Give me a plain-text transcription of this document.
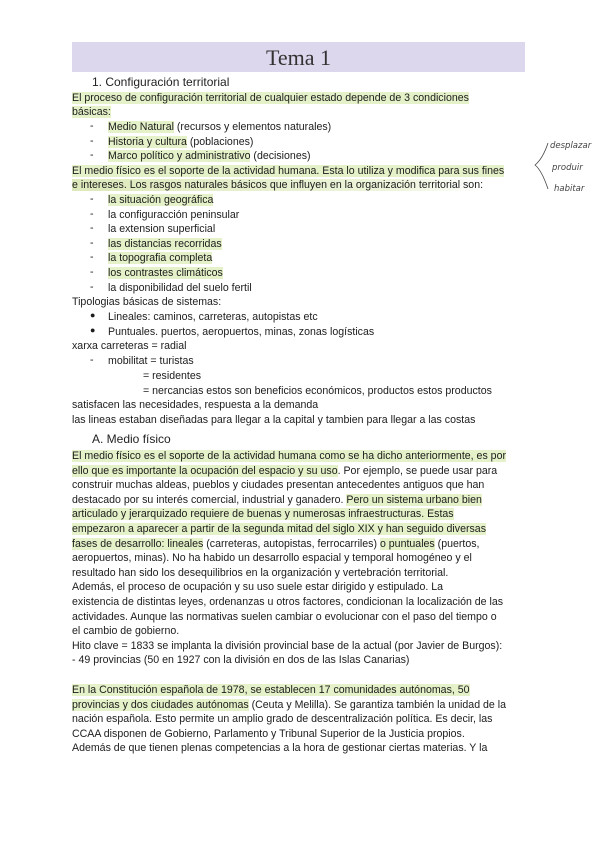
Tema 1
1. Configuración territorial
El proceso de configuración territorial de cualquier estado depende de 3 condiciones
básicas:
- Medio Natural (recursos y elementos naturales)
- Historia y cultura (poblaciones)
- Marco político y administrativo (decisiones)
El medio físico es el soporte de la actividad humana. Esta lo utiliza y modifica para sus fines
e intereses. Los rasgos naturales básicos que influyen en la organización territorial son:
- la situación geográfica
- la configuracción peninsular
- la extension superficial
- las distancias recorridas
- la topografia completa
- los contrastes climáticos
- la disponibilidad del suelo fertil
Tipologias básicas de sistemas:
● Lineales: caminos, carreteras, autopistas etc
● Puntuales. puertos, aeropuertos, minas, zonas logísticas
xarxa carreteras = radial
- mobilitat = turistas
= residentes
= nercancias estos son beneficios económicos, productos estos productos
satisfacen las necesidades, respuesta a la demanda
las lineas estaban diseñadas para llegar a la capital y tambien para llegar a las costas
A. Medio físico
El medio físico es el soporte de la actividad humana como se ha dicho anteriormente, es por
ello que es importante la ocupación del espacio y su uso. Por ejemplo, se puede usar para
construir muchas aldeas, pueblos y ciudades presentan antecedentes antiguos que han
destacado por su interés comercial, industrial y ganadero. Pero un sistema urbano bien
articulado y jerarquizado requiere de buenas y numerosas infraestructuras. Estas
empezaron a aparecer a partir de la segunda mitad del siglo XIX y han seguido diversas
fases de desarrollo: lineales (carreteras, autopistas, ferrocarriles) o puntuales (puertos,
aeropuertos, minas). No ha habido un desarrollo espacial y temporal homogéneo y el
resultado han sido los desequilibrios en la organización y vertebración territorial.
Además, el proceso de ocupación y su uso suele estar dirigido y estipulado. La
existencia de distintas leyes, ordenanzas u otros factores, condicionan la localización de las
actividades. Aunque las normativas suelen cambiar o evolucionar con el paso del tiempo o
el cambio de gobierno.
Hito clave = 1833 se implanta la división provincial base de la actual (por Javier de Burgos):
- 49 provincias (50 en 1927 con la división en dos de las Islas Canarias)
En la Constitución española de 1978, se establecen 17 comunidades autónomas, 50
provincias y dos ciudades autónomas (Ceuta y Melilla). Se garantiza también la unidad de la
nación española. Esto permite un amplio grado de descentralización política. Es decir, las
CCAA disponen de Gobierno, Parlamento y Tribunal Superior de la Justicia propios.
Además de que tienen plenas competencias a la hora de gestionar ciertas materias. Y la
desplazar
produir
habitar
